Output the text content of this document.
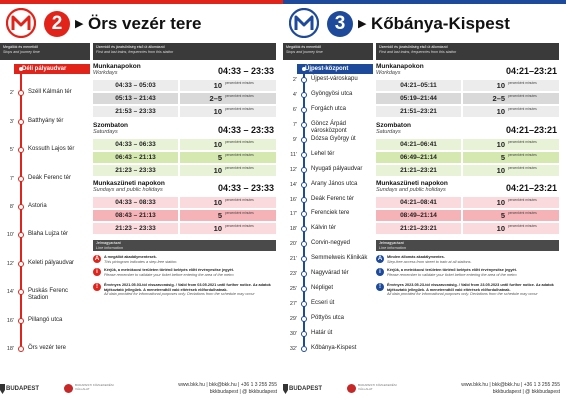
2	▶ Örs vezér tere
Megállók és menetidő
Stops and journey time
Üzemidő és járatsűrűség első út állomásról
First and last trains, frequencies from this station
Déli pályaudvar
2' Széll Kálmán tér
3' Batthyány tér
5' Kossuth Lajos tér
7' Deák Ferenc tér
8' Astoria
10' Blaha Lujza tér
12' Keleti pályaudvar
14' Puskás Ferenc Stadion
16' Pillangó utca
18' Örs vezér tere
Munkanapokon
Workdays	04:33 – 23:33
04:33 – 05:03	10 percenként minutes
05:13 – 21:43	2–5 percenként minutes
21:53 – 23:33	10 percenként minutes
Szombaton
Saturdays	04:33 – 23:33
04:33 – 06:33	10 percenként minutes
06:43 – 21:13	5 percenként minutes
21:23 – 23:33	10 percenként minutes
Munkaszüneti napokon
Sundays and public holidays	04:33 – 23:33
04:33 – 08:33	10 percenként minutes
08:43 – 21:13	5 percenként minutes
21:23 – 23:33	10 percenként minutes
Jelmagyarázat
Line information
A	A megállót akadálymentesek.
This pictogram indicates a step-free station.
i	Kérjük, a metrókocsi területen történő belépés előtt érvényesítse jegyét.
Please remember to validate your ticket before entering the area of the metro
!	Érvényes 2021.05.03-tól visszavonásig. / Valid from 03.05.2021 until further notice. Az adatok tájékoztató jellegűek. A menetrendtől való eltérések előfordulhatnak.
All data provided for informational purposes only. Deviations from the schedule may occur
BUDAPEST
BUDAPESTI KÖZLEKEDÉSI VÁLLALAT
www.bkk.hu | bkk@bkk.hu | +36 1 3 255 255
bkkbudapest | @ bkkbudapest
3	▶ Kőbánya-Kispest
Megállók és menetidő
Stops and journey time
Üzemidő és járatsűrűség első út állomásról
First and last trains, frequencies from this station
Újpest-központ
2' Újpest-városkapu
4' Gyöngyösi utca
6' Forgách utca
7' Göncz Árpád városközpont
9' Dózsa György út
11' Lehel tér
12' Nyugati pályaudvar
14' Arany János utca
16' Deák Ferenc tér
17' Ferenciek tere
18' Kálvin tér
20' Corvin-negyed
21' Semmelweis Klinikák
23' Nagyvárad tér
25' Népliget
27' Ecseri út
29' Pöttyös utca
30' Határ út
32' Kőbánya-Kispest
Munkanapokon
Workdays	04:21–23:21
04:21–05:11	10 percenként minutes
05:19–21:44	2–5 percenként minutes
21:51–23:21	10 percenként minutes
Szombaton
Saturdays	04:21–23:21
04:21–06:41	10 percenként minutes
06:49–21:14	5 percenként minutes
21:21–23:21	10 percenként minutes
Munkaszüneti napokon
Sundays and public holidays	04:21–23:21
04:21–08:41	10 percenként minutes
08:49–21:14	5 percenként minutes
21:21–23:21	10 percenként minutes
Jelmagyarázat
Line information
A	Minden állomás akadálymentes.
Step-free access from street to train at all stations.
i	Kérjük, a metrókocsi területen történő belépés előtt érvényesítse jegyét.
Please remember to validate your ticket before entering the area of the metro
!	Érvényes 2023.05.23-tól visszavonásig. / Valid from 23.05.2023 until further notice. Az adatok tájékoztató jellegűek. A menetrendtől való eltérések előfordulhatnak.
All data provided for informational purposes only. Deviations from the schedule may occur
BUDAPEST
BUDAPESTI KÖZLEKEDÉSI VÁLLALAT
www.bkk.hu | bkk@bkk.hu | +36 1 3 255 255
bkkbudapest | @ bkkbudapest
